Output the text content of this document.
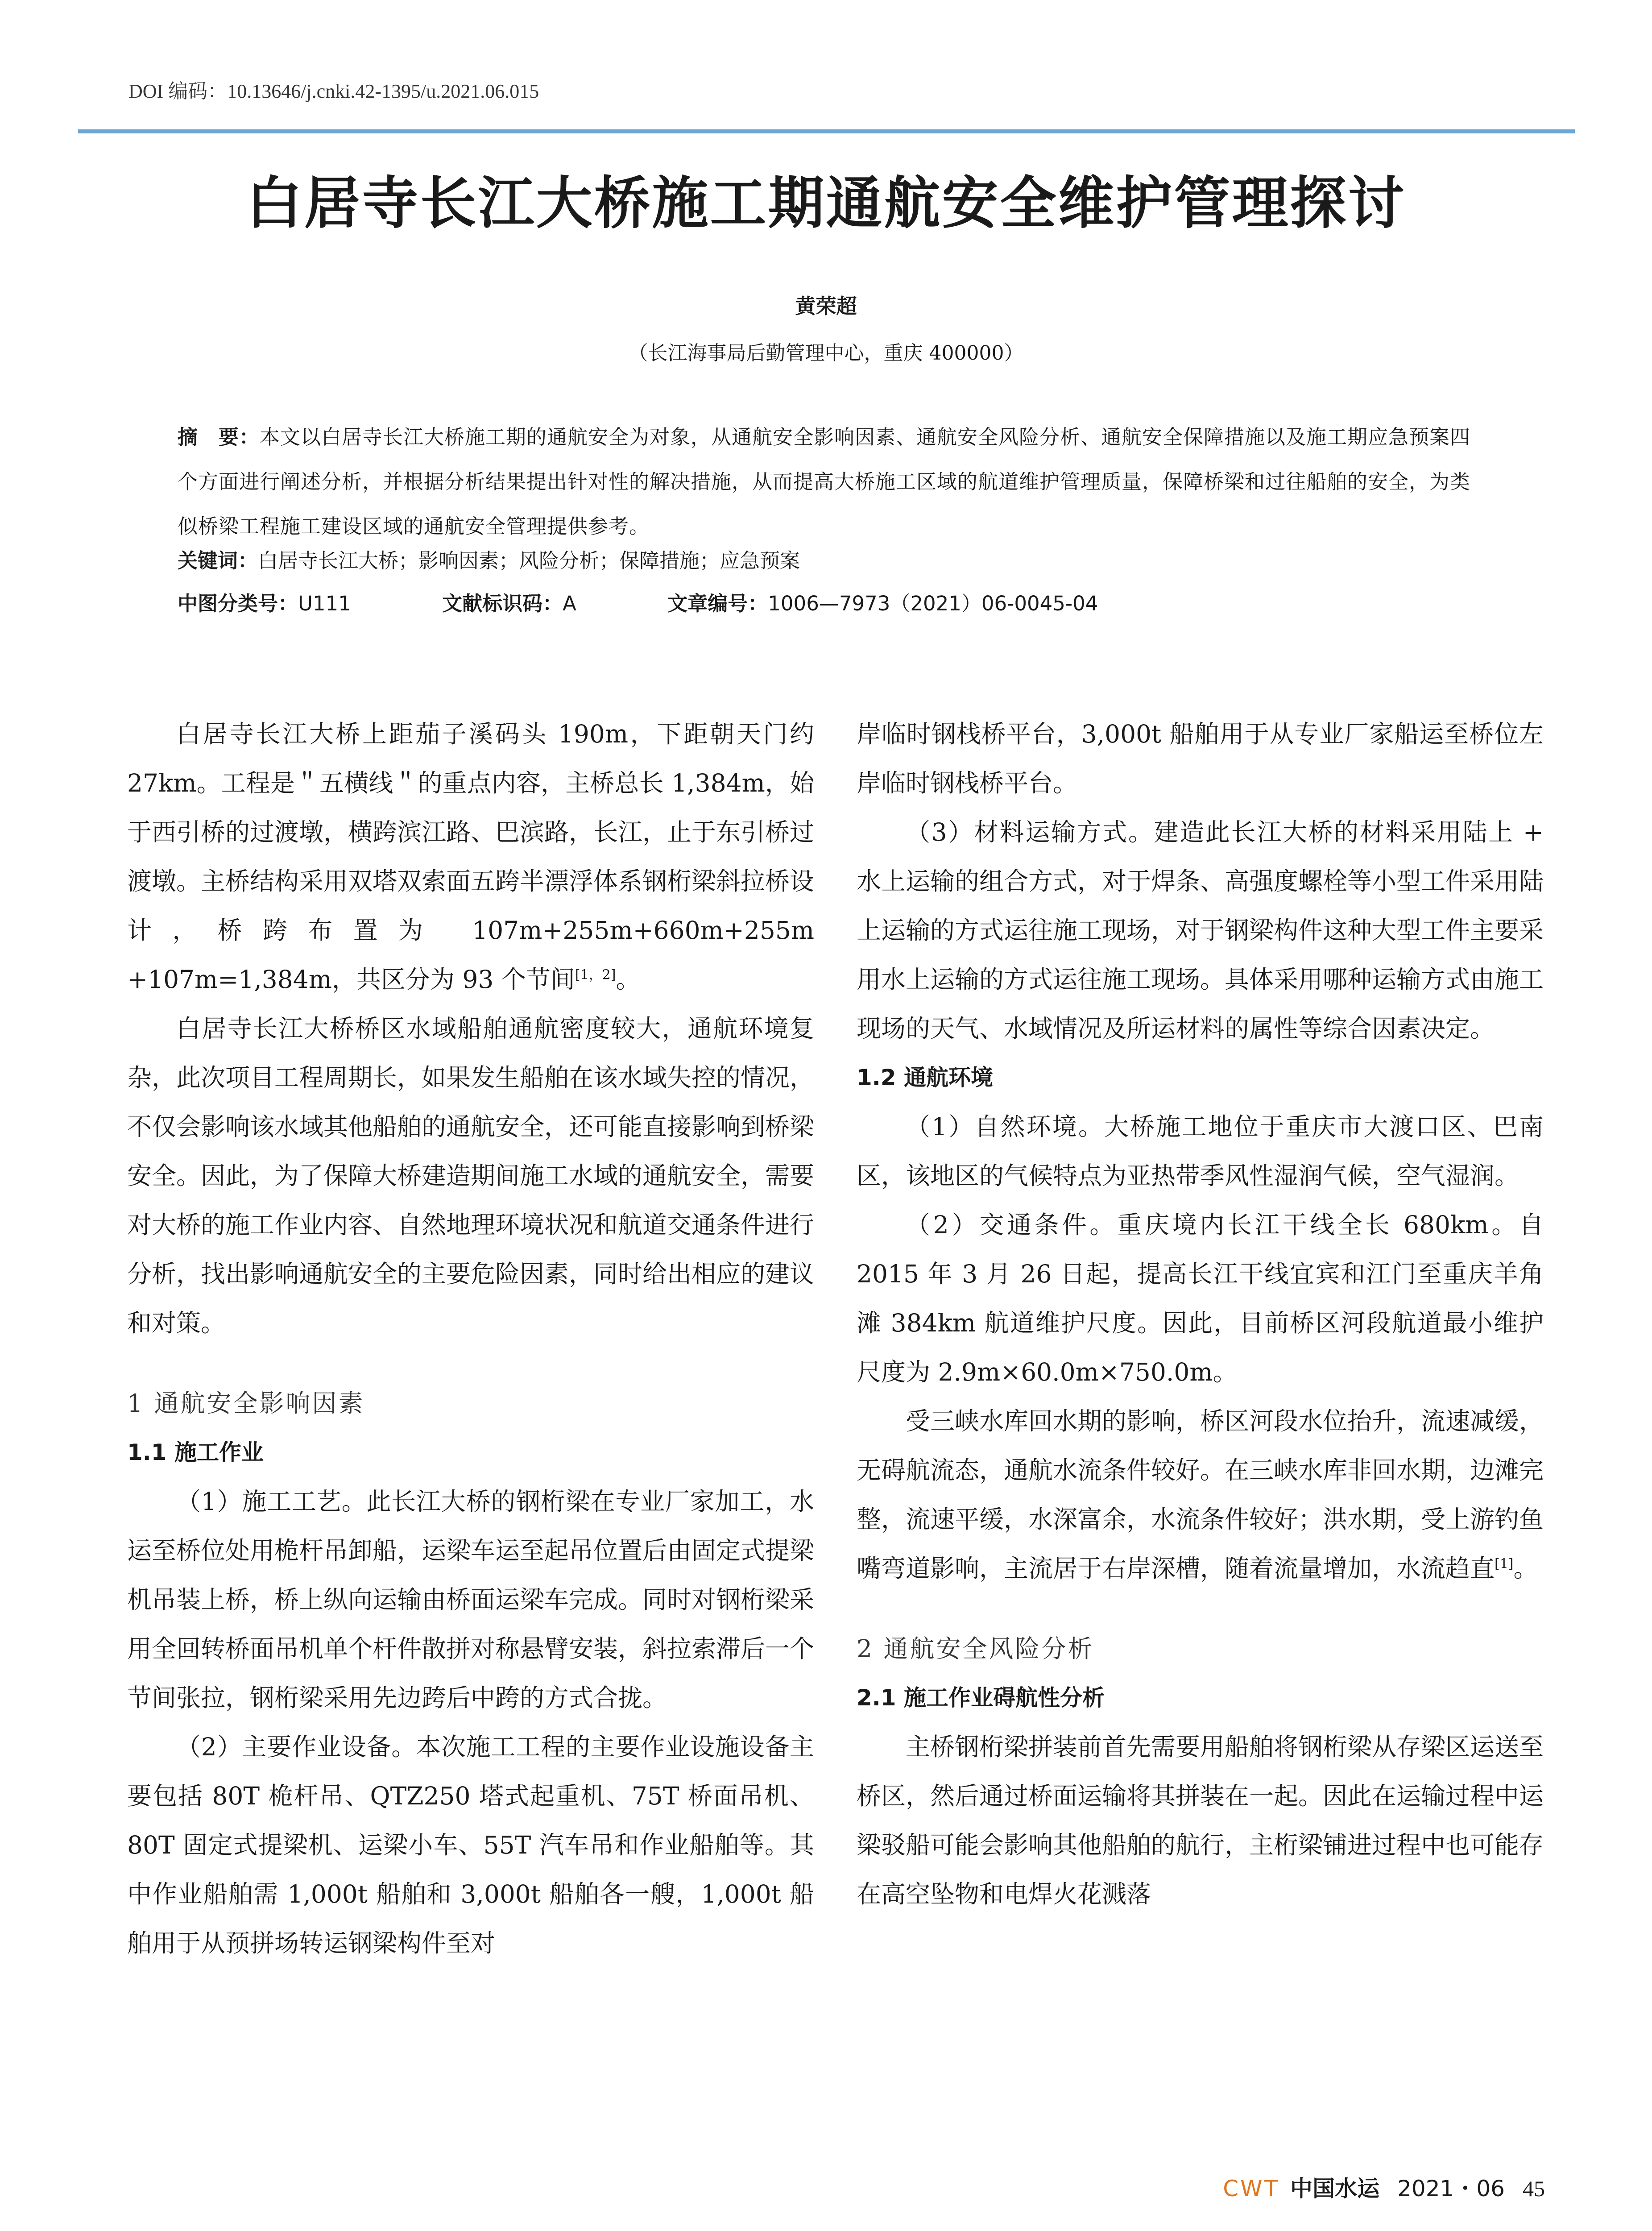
DOI 编码：10.13646/j.cnki.42-1395/u.2021.06.015
白居寺长江大桥施工期通航安全维护管理探讨
黄荣超
（长江海事局后勤管理中心，重庆 400000）
摘　要：本文以白居寺长江大桥施工期的通航安全为对象，从通航安全影响因素、通航安全风险分析、通航安全保障措施以及施工期应急预案四个方面进行阐述分析，并根据分析结果提出针对性的解决措施，从而提高大桥施工区域的航道维护管理质量，保障桥梁和过往船舶的安全，为类似桥梁工程施工建设区域的通航安全管理提供参考。
关键词：白居寺长江大桥；影响因素；风险分析；保障措施；应急预案
中图分类号：U111	文献标识码：A	文章编号：1006—7973（2021）06-0045-04

白居寺长江大桥上距茄子溪码头 190m，下距朝天门约 27km。工程是＂五横线＂的重点内容，主桥总长 1,384m，始于西引桥的过渡墩，横跨滨江路、巴滨路，长江，止于东引桥过渡墩。主桥结构采用双塔双索面五跨半漂浮体系钢桁梁斜拉桥设计，桥跨布置为 107m+255m+660m+255m +107m=1,384m，共区分为 93 个节间[1，2]。

白居寺长江大桥桥区水域船舶通航密度较大，通航环境复杂，此次项目工程周期长，如果发生船舶在该水域失控的情况，不仅会影响该水域其他船舶的通航安全，还可能直接影响到桥梁安全。因此，为了保障大桥建造期间施工水域的通航安全，需要对大桥的施工作业内容、自然地理环境状况和航道交通条件进行分析，找出影响通航安全的主要危险因素，同时给出相应的建议和对策。

1 通航安全影响因素
1.1 施工作业

（1）施工工艺。此长江大桥的钢桁梁在专业厂家加工，水运至桥位处用桅杆吊卸船，运梁车运至起吊位置后由固定式提梁机吊装上桥，桥上纵向运输由桥面运梁车完成。同时对钢桁梁采用全回转桥面吊机单个杆件散拼对称悬臂安装，斜拉索滞后一个节间张拉，钢桁梁采用先边跨后中跨的方式合拢。

（2）主要作业设备。本次施工工程的主要作业设施设备主要包括 80T 桅杆吊、QTZ250 塔式起重机、75T 桥面吊机、80T 固定式提梁机、运梁小车、55T 汽车吊和作业船舶等。其中作业船舶需 1,000t 船舶和 3,000t 船舶各一艘，1,000t 船舶用于从预拼场转运钢梁构件至对

岸临时钢栈桥平台，3,000t 船舶用于从专业厂家船运至桥位左岸临时钢栈桥平台。

（3）材料运输方式。建造此长江大桥的材料采用陆上 + 水上运输的组合方式，对于焊条、高强度螺栓等小型工件采用陆上运输的方式运往施工现场，对于钢梁构件这种大型工件主要采用水上运输的方式运往施工现场。具体采用哪种运输方式由施工现场的天气、水域情况及所运材料的属性等综合因素决定。

1.2 通航环境

（1）自然环境。大桥施工地位于重庆市大渡口区、巴南区，该地区的气候特点为亚热带季风性湿润气候，空气湿润。

（2）交通条件。重庆境内长江干线全长 680km。自 2015 年 3 月 26 日起，提高长江干线宜宾和江门至重庆羊角滩 384km 航道维护尺度。因此，目前桥区河段航道最小维护尺度为 2.9m×60.0m×750.0m。

受三峡水库回水期的影响，桥区河段水位抬升，流速减缓，无碍航流态，通航水流条件较好。在三峡水库非回水期，边滩完整，流速平缓，水深富余，水流条件较好；洪水期，受上游钓鱼嘴弯道影响，主流居于右岸深槽，随着流量增加，水流趋直[1]。

2 通航安全风险分析
2.1 施工作业碍航性分析

主桥钢桁梁拼装前首先需要用船舶将钢桁梁从存梁区运送至桥区，然后通过桥面运输将其拼装在一起。因此在运输过程中运梁驳船可能会影响其他船舶的航行，主桁梁铺进过程中也可能存在高空坠物和电焊火花溅落

CWT 中国水运 2021・06 45
